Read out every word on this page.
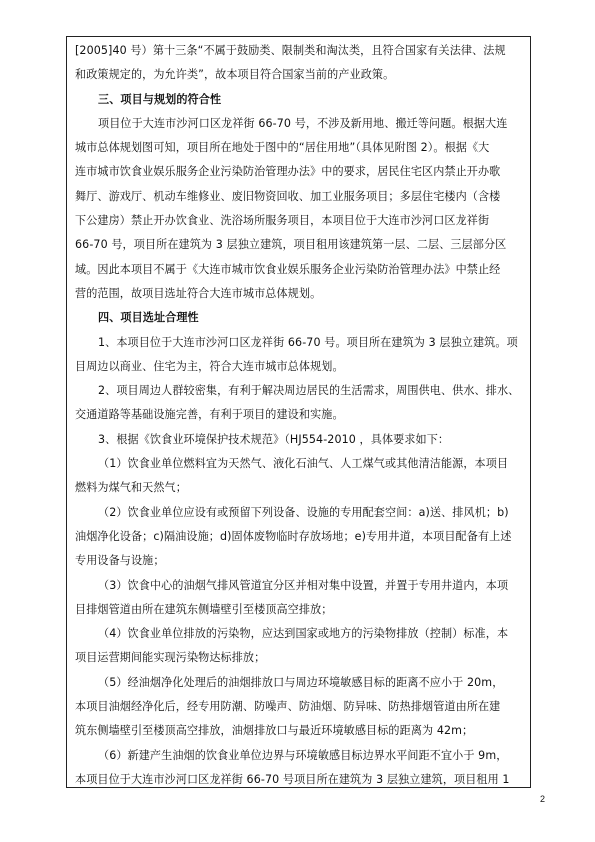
[2005]40 号）第十三条“不属于鼓励类、限制类和淘汰类，且符合国家有关法律、法规
和政策规定的，为允许类”，故本项目符合国家当前的产业政策。
三、项目与规划的符合性
项目位于大连市沙河口区龙祥街 66-70 号，不涉及新用地、搬迁等问题。根据大连
城市总体规划图可知，项目所在地处于图中的“居住用地”（具体见附图 2）。根据《大
连市城市饮食业娱乐服务企业污染防治管理办法》中的要求，居民住宅区内禁止开办歌
舞厅、游戏厅、机动车维修业、废旧物资回收、加工业服务项目；多层住宅楼内（含楼
下公建房）禁止开办饮食业、洗浴场所服务项目，本项目位于大连市沙河口区龙祥街
66-70 号，项目所在建筑为 3 层独立建筑，项目租用该建筑第一层、二层、三层部分区
域。因此本项目不属于《大连市城市饮食业娱乐服务企业污染防治管理办法》中禁止经
营的范围，故项目选址符合大连市城市总体规划。
四、项目选址合理性
1、本项目位于大连市沙河口区龙祥街 66-70 号。项目所在建筑为 3 层独立建筑。项
目周边以商业、住宅为主，符合大连市城市总体规划。
2、项目周边人群较密集，有利于解决周边居民的生活需求，周围供电、供水、排水、
交通道路等基础设施完善，有利于项目的建设和实施。
3、根据《饮食业环境保护技术规范》（HJ554-2010 ，具体要求如下：
（1）饮食业单位燃料宜为天然气、液化石油气、人工煤气或其他清洁能源，本项目
燃料为煤气和天然气；
（2）饮食业单位应设有或预留下列设备、设施的专用配套空间：a)送、排风机；b)
油烟净化设备；c)隔油设施；d)固体废物临时存放场地；e)专用井道，本项目配备有上述
专用设备与设施；
（3）饮食中心的油烟气排风管道宜分区并相对集中设置，并置于专用井道内，本项
目排烟管道由所在建筑东侧墙壁引至楼顶高空排放；
（4）饮食业单位排放的污染物，应达到国家或地方的污染物排放（控制）标准，本
项目运营期间能实现污染物达标排放；
（5）经油烟净化处理后的油烟排放口与周边环境敏感目标的距离不应小于 20m，
本项目油烟经净化后，经专用防潮、防噪声、防油烟、防异味、防热排烟管道由所在建
筑东侧墙壁引至楼顶高空排放，油烟排放口与最近环境敏感目标的距离为 42m；
（6）新建产生油烟的饮食业单位边界与环境敏感目标边界水平间距不宜小于 9m，
本项目位于大连市沙河口区龙祥街 66-70 号项目所在建筑为 3 层独立建筑，项目租用 1
2
